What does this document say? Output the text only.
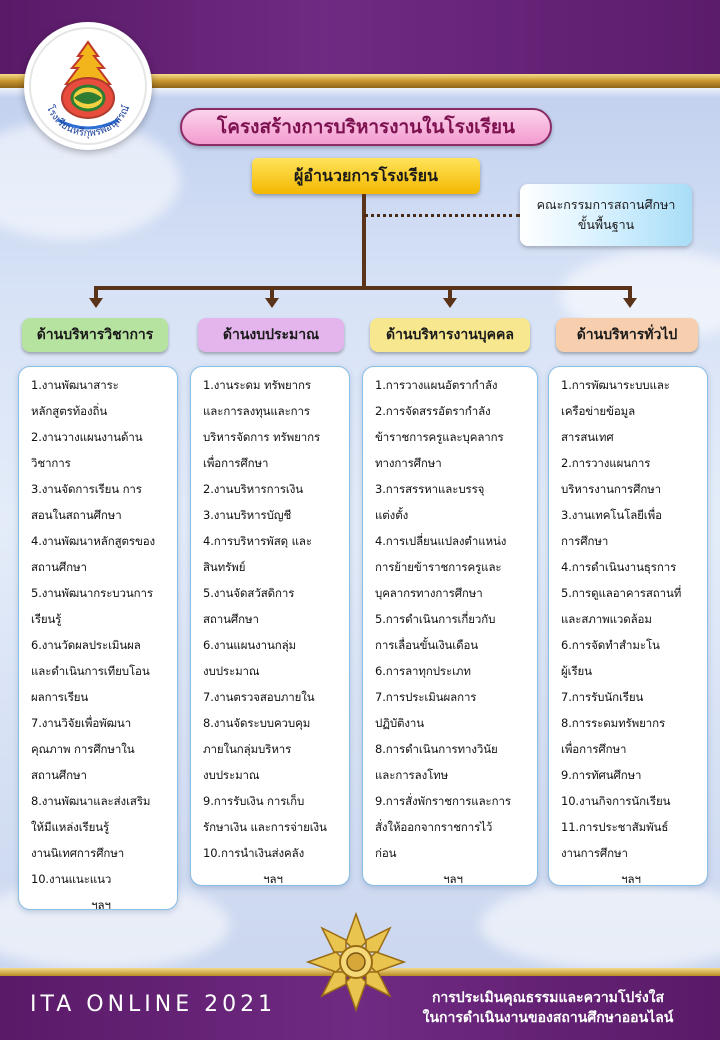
โรงเรียนหรีกุพรพ่อนุสรณ์
โครงสร้างการบริหารงานในโรงเรียน
ผู้อำนวยการโรงเรียน
คณะกรรมการสถานศึกษา
ขั้นพื้นฐาน
ด้านบริหารวิชาการ	ด้านงบประมาณ	ด้านบริหารงานบุคคล	ด้านบริหารทั่วไป

1.งานพัฒนาสาระ
หลักสูตรท้องถิ่น

2.งานวางแผนงานด้าน
วิชาการ

3.งานจัดการเรียน การ
สอนในสถานศึกษา

4.งานพัฒนาหลักสูตรของ
สถานศึกษา

5.งานพัฒนากระบวนการ
เรียนรู้

6.งานวัดผลประเมินผล
และดำเนินการเทียบโอน
ผลการเรียน

7.งานวิจัยเพื่อพัฒนา
คุณภาพ การศึกษาใน
สถานศึกษา

8.งานพัฒนาและส่งเสริม
ให้มีแหล่งเรียนรู้
งานนิเทศการศึกษา

10.งานแนะแนว

ฯลฯ

1.งานระดม ทรัพยากร
และการลงทุนและการ
บริหารจัดการ ทรัพยากร
เพื่อการศึกษา

2.งานบริหารการเงิน

3.งานบริหารบัญชี

4.การบริหารพัสดุ และ
สินทรัพย์

5.งานจัดสวัสดิการ
สถานศึกษา

6.งานแผนงานกลุ่ม
งบประมาณ

7.งานตรวจสอบภายใน

8.งานจัดระบบควบคุม
ภายในกลุ่มบริหาร
งบประมาณ

9.การรับเงิน การเก็บ
รักษาเงิน และการจ่ายเงิน

10.การนำเงินส่งคลัง

ฯลฯ

1.การวางแผนอัตรากำลัง

2.การจัดสรรอัตรากำลัง
ข้าราชการครูและบุคลากร
ทางการศึกษา

3.การสรรหาและบรรจุ
แต่งตั้ง

4.การเปลี่ยนแปลงตำแหน่ง
การย้ายข้าราชการครูและ
บุคลากรทางการศึกษา

5.การดำเนินการเกี่ยวกับ
การเลื่อนขั้นเงินเดือน

6.การลาทุกประเภท

7.การประเมินผลการ
ปฏิบัติงาน

8.การดำเนินการทางวินัย
และการลงโทษ

9.การสั่งพักราชการและการ
สั่งให้ออกจากราชการไว้
ก่อน

ฯลฯ

1.การพัฒนาระบบและ
เครือข่ายข้อมูล
สารสนเทศ

2.การวางแผนการ
บริหารงานการศึกษา

3.งานเทคโนโลยีเพื่อ
การศึกษา

4.การดำเนินงานธุรการ

5.การดูแลอาคารสถานที่
และสภาพแวดล้อม

6.การจัดทำสำมะโน
ผู้เรียน

7.การรับนักเรียน

8.การระดมทรัพยากร
เพื่อการศึกษา

9.การทัศนศึกษา

10.งานกิจการนักเรียน

11.การประชาสัมพันธ์
งานการศึกษา

ฯลฯ

ITA ONLINE 2021	การประเมินคุณธรรมและความโปร่งใส
ในการดำเนินงานของสถานศึกษาออนไลน์
